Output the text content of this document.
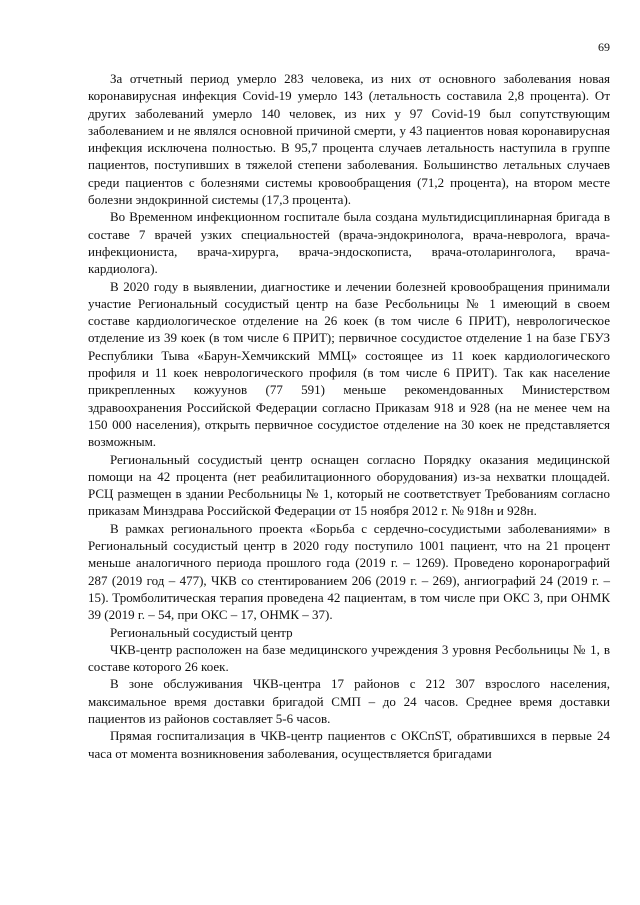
69

За отчетный период умерло 283 человека, из них от основного заболевания новая коронавирусная инфекция Covid-19 умерло 143 (летальность составила 2,8 процента). От других заболеваний умерло 140 человек, из них у 97 Covid-19 был сопутствующим заболеванием и не являлся основной причиной смерти, у 43 пациентов новая коронавирусная инфекция исключена полностью. В 95,7 процента случаев летальность наступила в группе пациентов, поступивших в тяжелой степени заболевания. Большинство летальных случаев среди пациентов с болезнями системы кровообращения (71,2 процента), на втором месте болезни эндокринной системы (17,3 процента).

Во Временном инфекционном госпитале была создана мультидисциплинарная бригада в составе 7 врачей узких специальностей (врача-эндокринолога, врача-невролога, врача-инфекциониста, врача-хирурга, врача-эндоскописта, врача-отоларинголога, врача-кардиолога).

В 2020 году в выявлении, диагностике и лечении болезней кровообращения принимали участие Региональный сосудистый центр на базе Ресбольницы № 1 имеющий в своем составе кардиологическое отделение на 26 коек (в том числе 6 ПРИТ), неврологическое отделение из 39 коек (в том числе 6 ПРИТ); первичное сосудистое отделение 1 на базе ГБУЗ Республики Тыва «Барун-Хемчикский ММЦ» состоящее из 11 коек кардиологического профиля и 11 коек неврологического профиля (в том числе 6 ПРИТ). Так как население прикрепленных кожуунов (77 591) меньше рекомендованных Министерством здравоохранения Российской Федерации согласно Приказам 918 и 928 (на не менее чем на 150 000 населения), открыть первичное сосудистое отделение на 30 коек не представляется возможным.

Региональный сосудистый центр оснащен согласно Порядку оказания медицинской помощи на 42 процента (нет реабилитационного оборудования) из-за нехватки площадей. РСЦ размещен в здании Ресбольницы № 1, который не соответствует Требованиям согласно приказам Минздрава Российской Федерации от 15 ноября 2012 г. № 918н и 928н.

В рамках регионального проекта «Борьба с сердечно-сосудистыми заболеваниями» в Региональный сосудистый центр в 2020 году поступило 1001 пациент, что на 21 процент меньше аналогичного периода прошлого года (2019 г. – 1269). Проведено коронарографий 287 (2019 год – 477), ЧКВ со стентированием 206 (2019 г. – 269), ангиографий 24 (2019 г. – 15). Тромболитическая терапия проведена 42 пациентам, в том числе при ОКС 3, при ОНМК 39 (2019 г. – 54, при ОКС – 17, ОНМК – 37).

Региональный сосудистый центр

ЧКВ-центр расположен на базе медицинского учреждения 3 уровня Ресбольницы № 1, в составе которого 26 коек.

В зоне обслуживания ЧКВ-центра 17 районов с 212 307 взрослого населения, максимальное время доставки бригадой СМП – до 24 часов. Среднее время доставки пациентов из районов составляет 5-6 часов.

Прямая госпитализация в ЧКВ-центр пациентов с ОКСпST, обратившихся в первые 24 часа от момента возникновения заболевания, осуществляется бригадами
